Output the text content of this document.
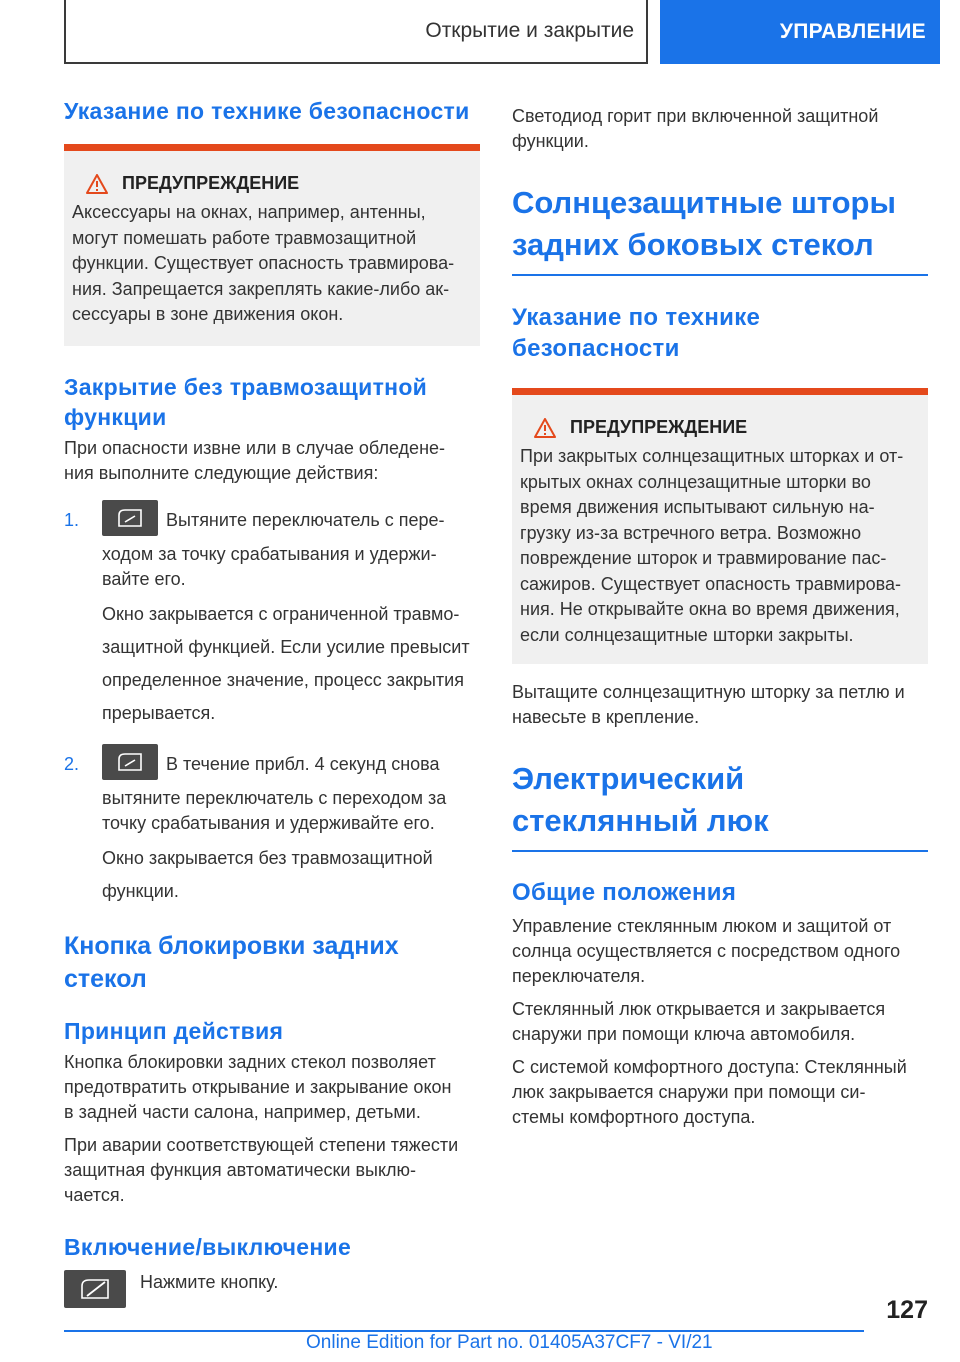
Открытие и закрытие	УПРАВЛЕНИЕ
Указание по технике безопасности
ПРЕДУПРЕЖДЕНИЕ

Аксессуары на окнах, например, антенны,

могут помешать работе травмозащитной

функции. Существует опасность травмирова-

ния. Запрещается закреплять какие-либо ак-

сессуары в зоне движения окон.

Закрытие без травмозащитной
функции

При опасности извне или в случае обледене-

ния выполните следующие действия:

1.	Вытяните переключатель с пере-

ходом за точку срабатывания и удержи-

вайте его.

Окно закрывается с ограниченной травмо-

защитной функцией. Если усилие превысит

определенное значение, процесс закрытия

прерывается.

2.	В течение прибл. 4 секунд снова

вытяните переключатель с переходом за

точку срабатывания и удерживайте его.

Окно закрывается без травмозащитной

функции.

Кнопка блокировки задних
стекол
Принцип действия

Кнопка блокировки задних стекол позволяет

предотвратить открывание и закрывание окон

в задней части салона, например, детьми.

При аварии соответствующей степени тяжести

защитная функция автоматически выклю-

чается.

Включение/выключение

Нажмите кнопку.

Светодиод горит при включенной защитной

функции.

Солнцезащитные шторы
задних боковых стекол
Указание по технике
безопасности
ПРЕДУПРЕЖДЕНИЕ

При закрытых солнцезащитных шторках и от-

крытых окнах солнцезащитные шторки во

время движения испытывают сильную на-

грузку из-за встречного ветра. Возможно

повреждение шторок и травмирование пас-

сажиров. Существует опасность травмирова-

ния. Не открывайте окна во время движения,

если солнцезащитные шторки закрыты.

Вытащите солнцезащитную шторку за петлю и

навесьте в крепление.

Электрический
стеклянный люк
Общие положения

Управление стеклянным люком и защитой от

солнца осуществляется с посредством одного

переключателя.

Стеклянный люк открывается и закрывается

снаружи при помощи ключа автомобиля.

С системой комфортного доступа: Стеклянный

люк закрывается снаружи при помощи си-

стемы комфортного доступа.

127
Online Edition for Part no. 01405A37CF7 - VI/21
